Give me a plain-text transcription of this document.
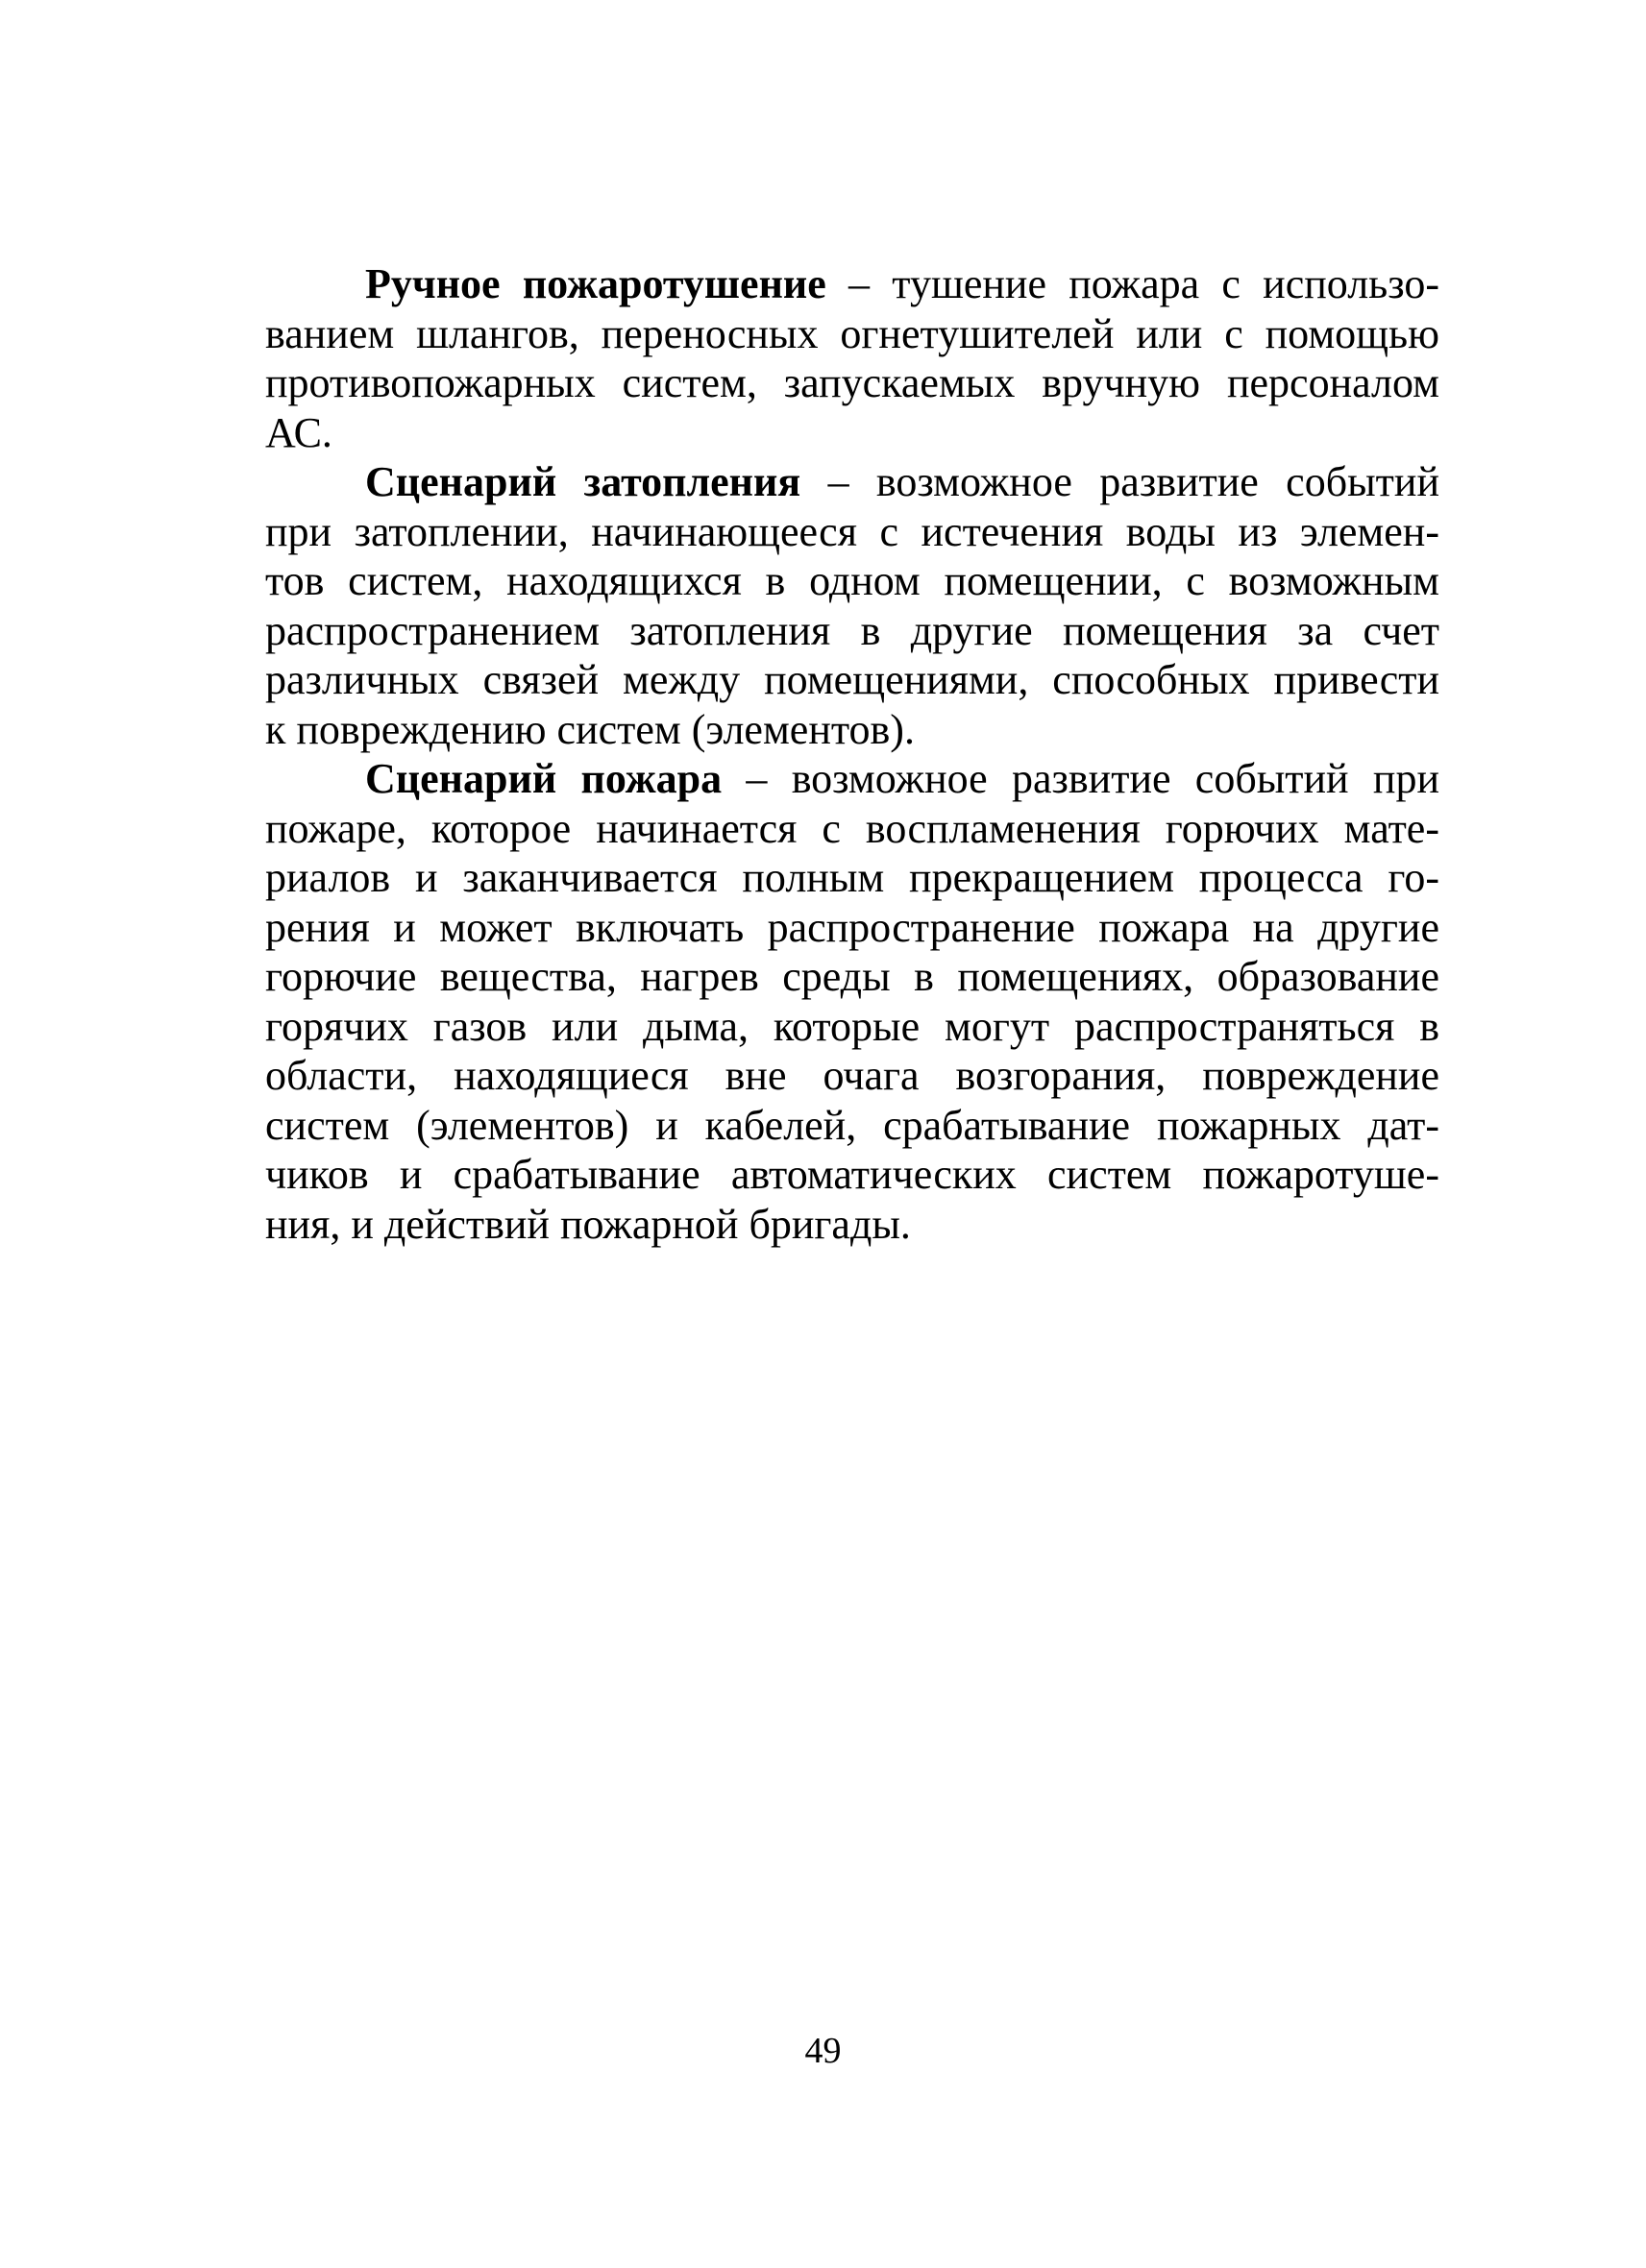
Ручное пожаротушение – тушение пожара с использо-
ванием шлангов, переносных огнетушителей или с помощью
противопожарных систем, запускаемых вручную персоналом
АС.

Сценарий затопления – возможное развитие событий
при затоплении, начинающееся с истечения воды из элемен-
тов систем, находящихся в одном помещении, с возможным
распространением затопления в другие помещения за счет
различных связей между помещениями, способных привести
к повреждению систем (элементов).

Сценарий пожара – возможное развитие событий при
пожаре, которое начинается с воспламенения горючих мате-
риалов и заканчивается полным прекращением процесса го-
рения и может включать распространение пожара на другие
горючие вещества, нагрев среды в помещениях, образование
горячих газов или дыма, которые могут распространяться в
области, находящиеся вне очага возгорания, повреждение
систем (элементов) и кабелей, срабатывание пожарных дат-
чиков и срабатывание автоматических систем пожаротуше-
ния, и действий пожарной бригады.

49
